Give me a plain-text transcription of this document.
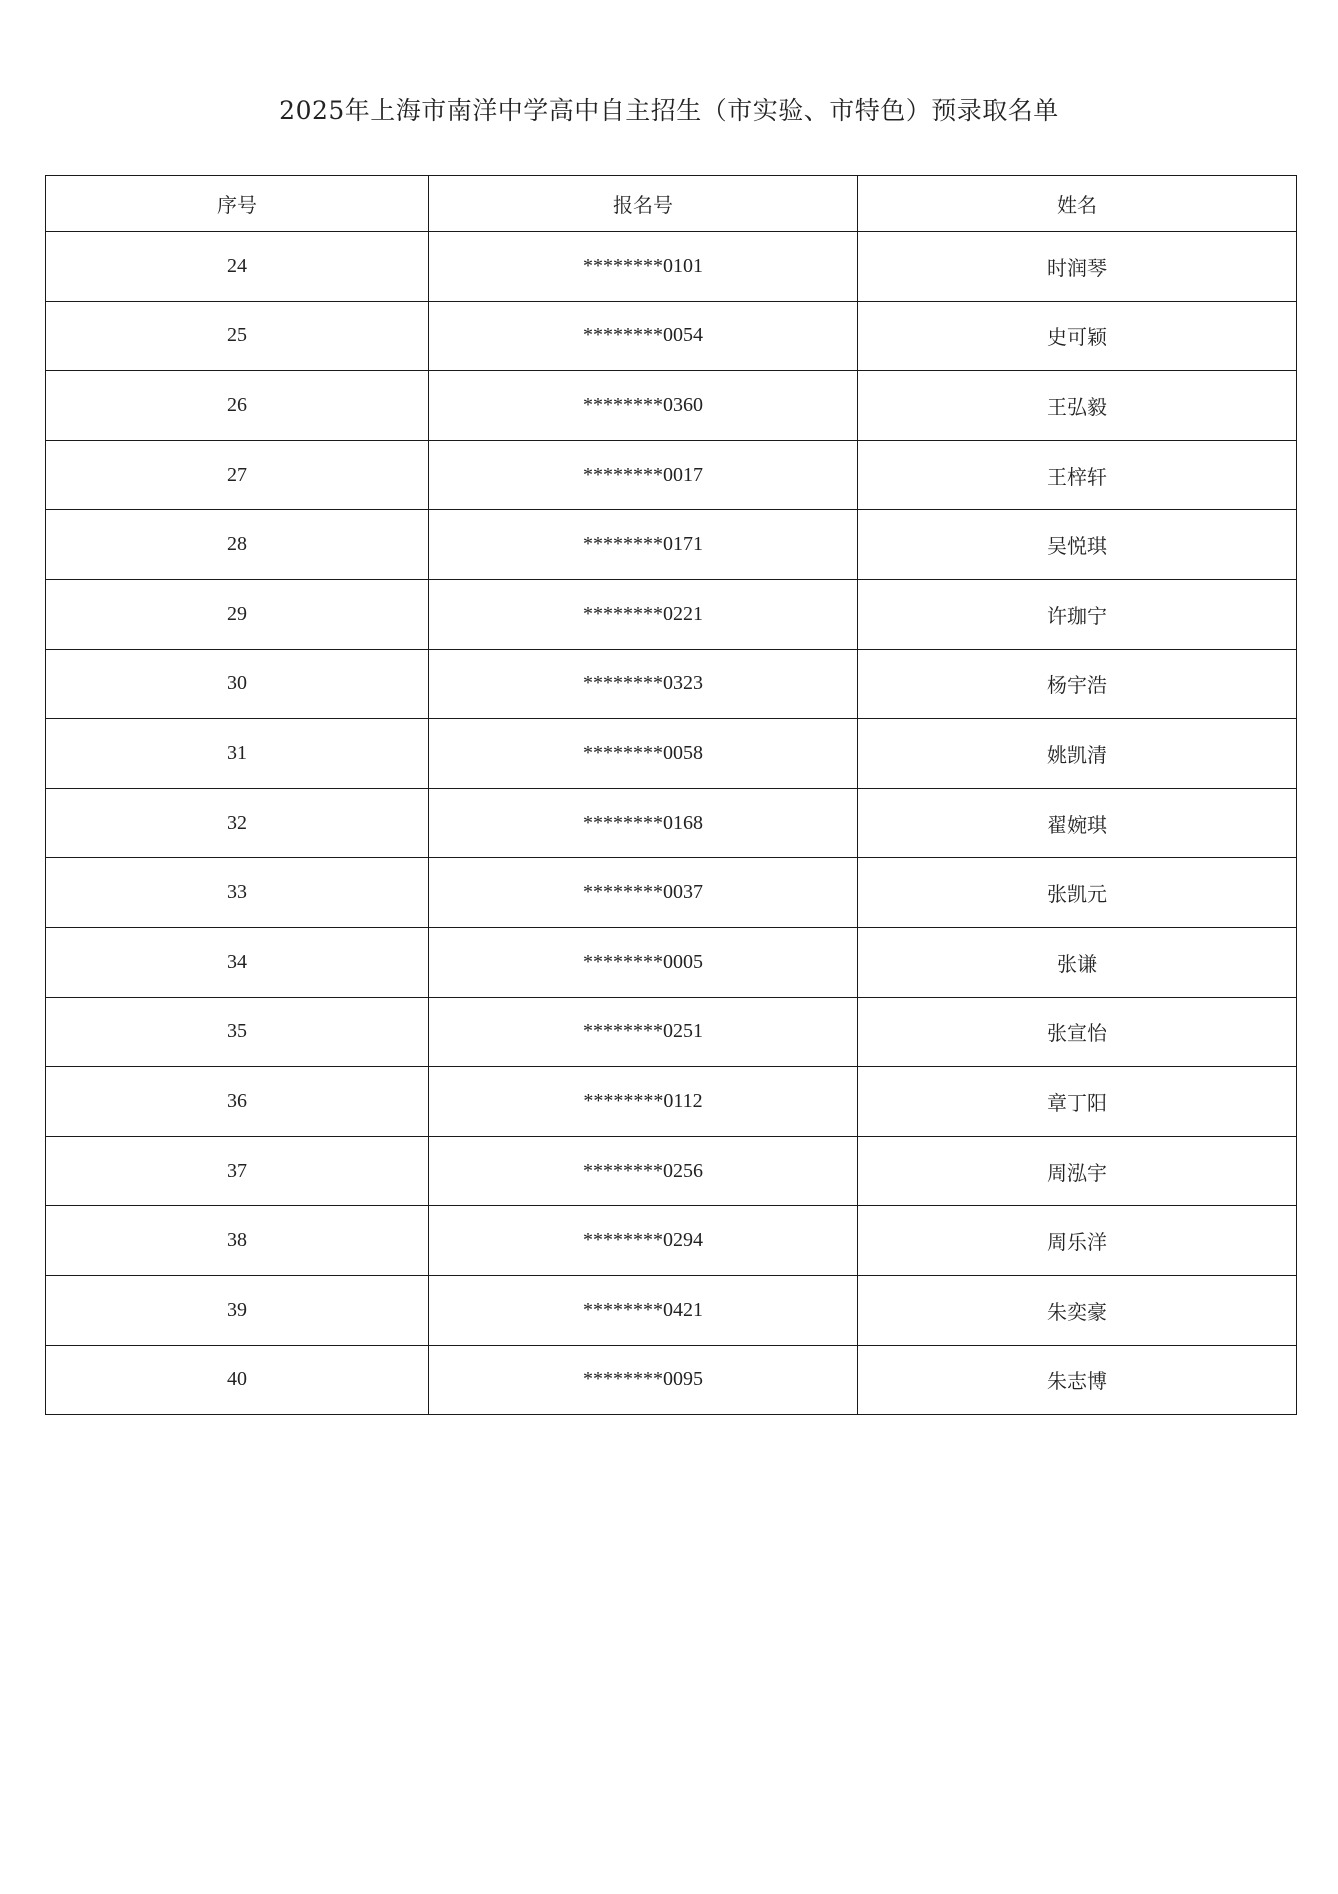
2025年上海市南洋中学高中自主招生（市实验、市特色）预录取名单
序号	报名号	姓名
24	********0101	时润琴
25	********0054	史可颖
26	********0360	王弘毅
27	********0017	王梓轩
28	********0171	吴悦琪
29	********0221	许珈宁
30	********0323	杨宇浩
31	********0058	姚凯清
32	********0168	翟婉琪
33	********0037	张凯元
34	********0005	张谦
35	********0251	张宣怡
36	********0112	章丁阳
37	********0256	周泓宇
38	********0294	周乐洋
39	********0421	朱奕豪
40	********0095	朱志博
